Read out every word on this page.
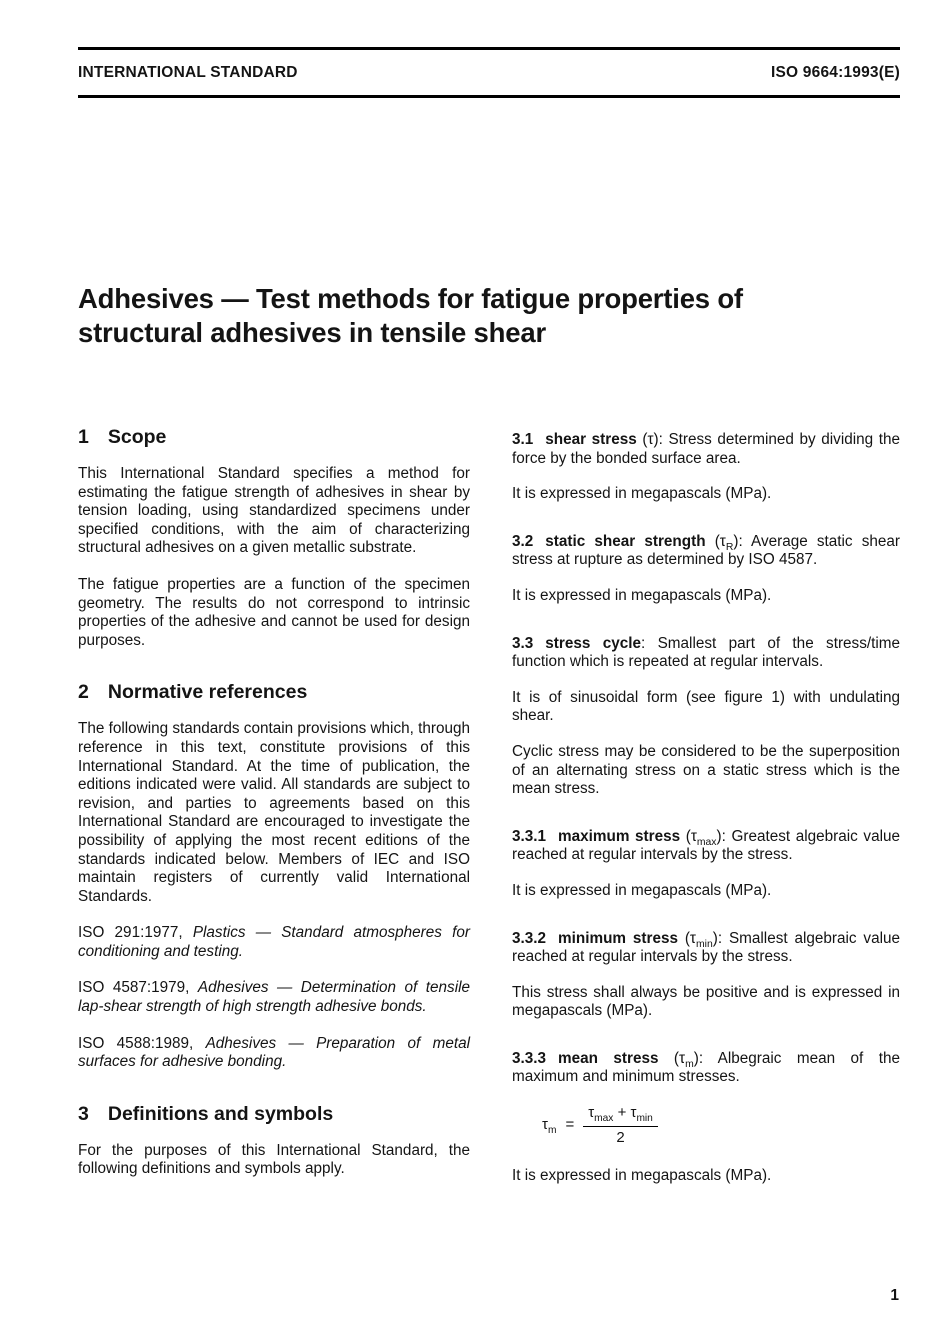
INTERNATIONAL STANDARD	ISO 9664:1993(E)
Adhesives — Test methods for fatigue properties of structural adhesives in tensile shear
1 Scope

This International Standard specifies a method for estimating the fatigue strength of adhesives in shear by tension loading, using standardized specimens under specified conditions, with the aim of characterizing structural adhesives on a given metallic substrate.

The fatigue properties are a function of the specimen geometry. The results do not correspond to intrinsic properties of the adhesive and cannot be used for design purposes.

2 Normative references

The following standards contain provisions which, through reference in this text, constitute provisions of this International Standard. At the time of publication, the editions indicated were valid. All standards are subject to revision, and parties to agreements based on this International Standard are encouraged to investigate the possibility of applying the most recent editions of the standards indicated below. Members of IEC and ISO maintain registers of currently valid International Standards.

ISO 291:1977, Plastics — Standard atmospheres for conditioning and testing.

ISO 4587:1979, Adhesives — Determination of tensile lap-shear strength of high strength adhesive bonds.

ISO 4588:1989, Adhesives — Preparation of metal surfaces for adhesive bonding.

3 Definitions and symbols

For the purposes of this International Standard, the following definitions and symbols apply.

3.1 shear stress (τ): Stress determined by dividing the force by the bonded surface area.

It is expressed in megapascals (MPa).

3.2 static shear strength $(\tau_R)$: Average static shear stress at rupture as determined by ISO 4587.

It is expressed in megapascals (MPa).

3.3 stress cycle: Smallest part of the stress/time function which is repeated at regular intervals.

It is of sinusoidal form (see figure 1) with undulating shear.

Cyclic stress may be considered to be the superposition of an alternating stress on a static stress which is the mean stress.

3.3.1 maximum stress $(\tau_{max})$: Greatest algebraic value reached at regular intervals by the stress.

It is expressed in megapascals (MPa).

3.3.2 minimum stress $(\tau_{min})$: Smallest algebraic value reached at regular intervals by the stress.

This stress shall always be positive and is expressed in megapascals (MPa).

3.3.3 mean stress $(\tau_m)$: Albegraic mean of the maximum and minimum stresses.

$\tau_m = \frac{\tau_{max} + \tau_{min}}{2}$

It is expressed in megapascals (MPa).

1
